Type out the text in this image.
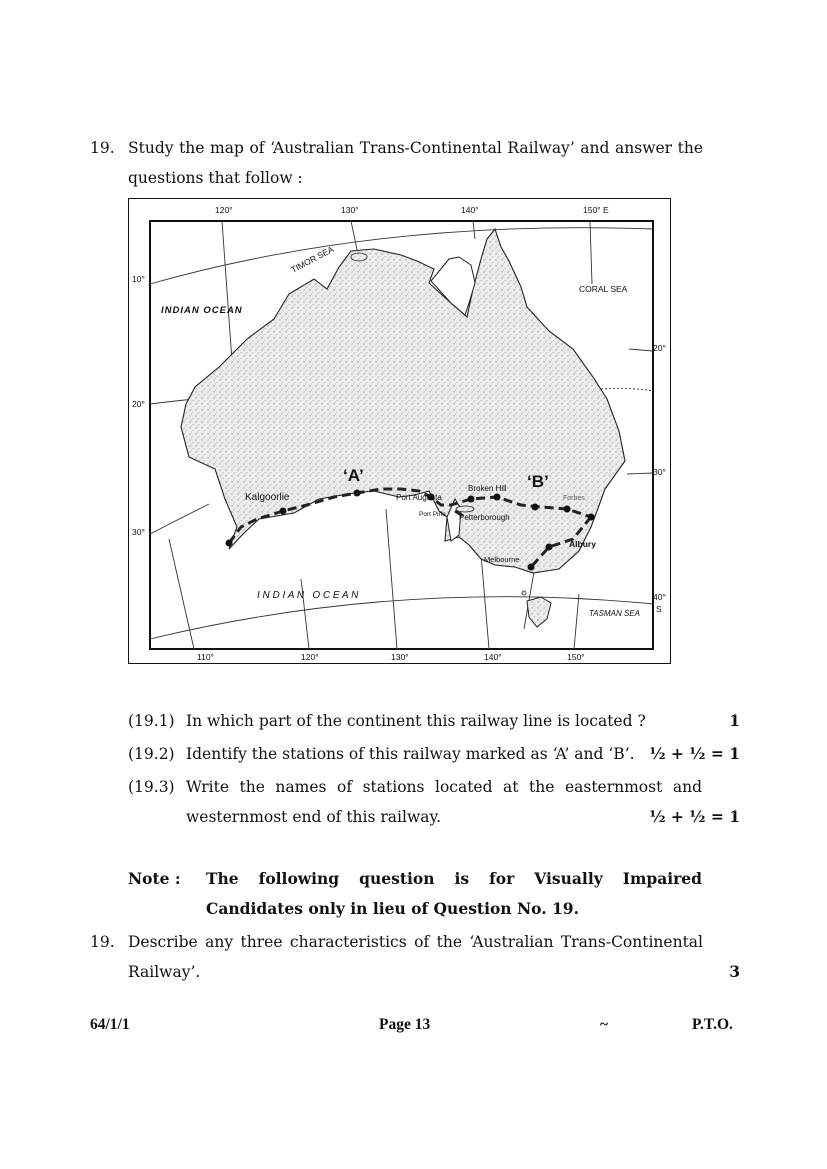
19. Study the map of ‘Australian Trans-Continental Railway’ and answer the
questions that follow :
120°	130°	140°	150° E
110°	120°	130°	140°	150°
10°
20°
30°
20°
30°
40°
S
TIMOR SEA
INDIAN OCEAN
CORAL SEA
I N D I A N   O C E A N
TASMAN SEA
‘A’	‘B’
Kalgoorlie	Port Augusta
Port Pirie
Broken Hill
Petterborough
Forbes
Albury
Melbourne
(19.1) In which part of the continent this railway line is located ?	1
(19.2) Identify the stations of this railway marked as ‘A’ and ‘B’. ½ + ½ = 1
(19.3) Write the names of stations located at the easternmost and
westernmost end of this railway.	½ + ½ = 1
Note : The following question is for Visually Impaired
Candidates only in lieu of Question No. 19.
19. Describe any three characteristics of the ‘Australian Trans-Continental
Railway’.	3
64/1/1	Page 13	~	P.T.O.
